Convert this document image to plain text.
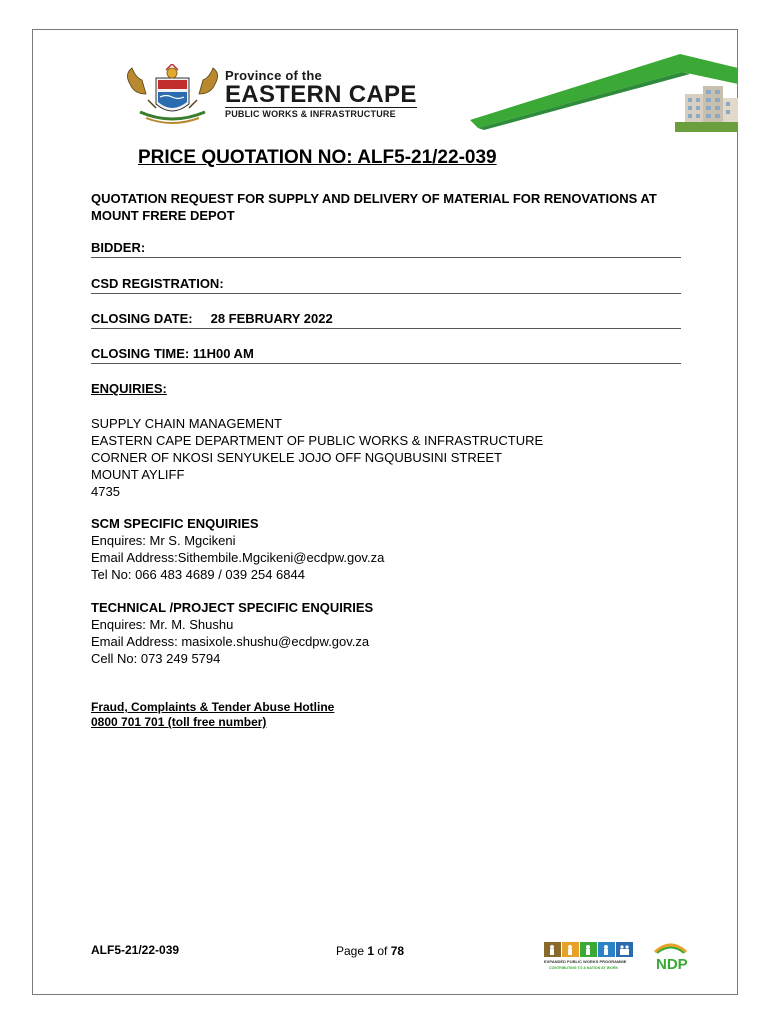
Province of the
EASTERN CAPE
PUBLIC WORKS & INFRASTRUCTURE
PRICE QUOTATION NO: ALF5-21/22-039
QUOTATION REQUEST FOR SUPPLY AND DELIVERY OF MATERIAL FOR RENOVATIONS AT MOUNT FRERE DEPOT
BIDDER:
CSD REGISTRATION:
CLOSING DATE: 28 FEBRUARY 2022
CLOSING TIME: 11H00 AM
ENQUIRIES:
SUPPLY CHAIN MANAGEMENT
EASTERN CAPE DEPARTMENT OF PUBLIC WORKS & INFRASTRUCTURE
CORNER OF NKOSI SENYUKELE JOJO OFF NGQUBUSINI STREET
MOUNT AYLIFF
4735
SCM SPECIFIC ENQUIRIES
Enquires: Mr S. Mgcikeni
Email Address:Sithembile.Mgcikeni@ecdpw.gov.za
Tel No: 066 483 4689 / 039 254 6844
TECHNICAL /PROJECT SPECIFIC ENQUIRIES
Enquires: Mr. M. Shushu
Email Address: masixole.shushu@ecdpw.gov.za
Cell No: 073 249 5794
Fraud, Complaints & Tender Abuse Hotline
0800 701 701 (toll free number)
ALF5-21/22-039	Page 1 of 78
EXPANDED PUBLIC WORKS PROGRAMME
CONTRIBUTING TO A NATION AT WORK	NDP
